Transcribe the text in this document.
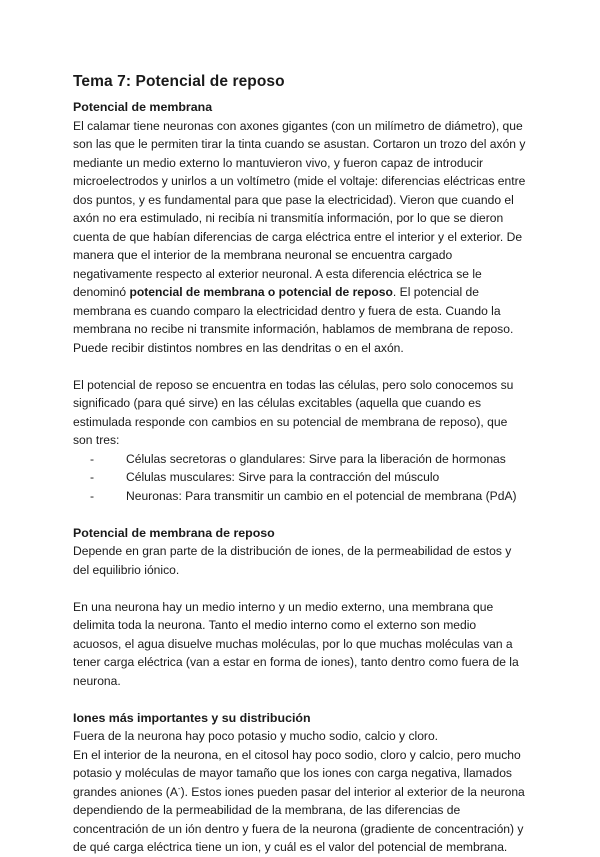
Tema 7: Potencial de reposo
Potencial de membrana
El calamar tiene neuronas con axones gigantes (con un milímetro de diámetro), que
son las que le permiten tirar la tinta cuando se asustan. Cortaron un trozo del axón y
mediante un medio externo lo mantuvieron vivo, y fueron capaz de introducir
microelectrodos y unirlos a un voltímetro (mide el voltaje: diferencias eléctricas entre
dos puntos, y es fundamental para que pase la electricidad). Vieron que cuando el
axón no era estimulado, ni recibía ni transmitía información, por lo que se dieron
cuenta de que habían diferencias de carga eléctrica entre el interior y el exterior. De
manera que el interior de la membrana neuronal se encuentra cargado
negativamente respecto al exterior neuronal. A esta diferencia eléctrica se le
denominó potencial de membrana o potencial de reposo. El potencial de
membrana es cuando comparo la electricidad dentro y fuera de esta. Cuando la
membrana no recibe ni transmite información, hablamos de membrana de reposo.
Puede recibir distintos nombres en las dendritas o en el axón.
El potencial de reposo se encuentra en todas las células, pero solo conocemos su
significado (para qué sirve) en las células excitables (aquella que cuando es
estimulada responde con cambios en su potencial de membrana de reposo), que
son tres:
-	Células secretoras o glandulares: Sirve para la liberación de hormonas
-	Células musculares: Sirve para la contracción del músculo
-	Neuronas: Para transmitir un cambio en el potencial de membrana (PdA)
Potencial de membrana de reposo
Depende en gran parte de la distribución de iones, de la permeabilidad de estos y
del equilibrio iónico.
En una neurona hay un medio interno y un medio externo, una membrana que
delimita toda la neurona. Tanto el medio interno como el externo son medio
acuosos, el agua disuelve muchas moléculas, por lo que muchas moléculas van a
tener carga eléctrica (van a estar en forma de iones), tanto dentro como fuera de la
neurona.
Iones más importantes y su distribución
Fuera de la neurona hay poco potasio y mucho sodio, calcio y cloro.
En el interior de la neurona, en el citosol hay poco sodio, cloro y calcio, pero mucho
potasio y moléculas de mayor tamaño que los iones con carga negativa, llamados
grandes aniones (A-). Estos iones pueden pasar del interior al exterior de la neurona
dependiendo de la permeabilidad de la membrana, de las diferencias de
concentración de un ión dentro y fuera de la neurona (gradiente de concentración) y
de qué carga eléctrica tiene un ion, y cuál es el valor del potencial de membrana.
